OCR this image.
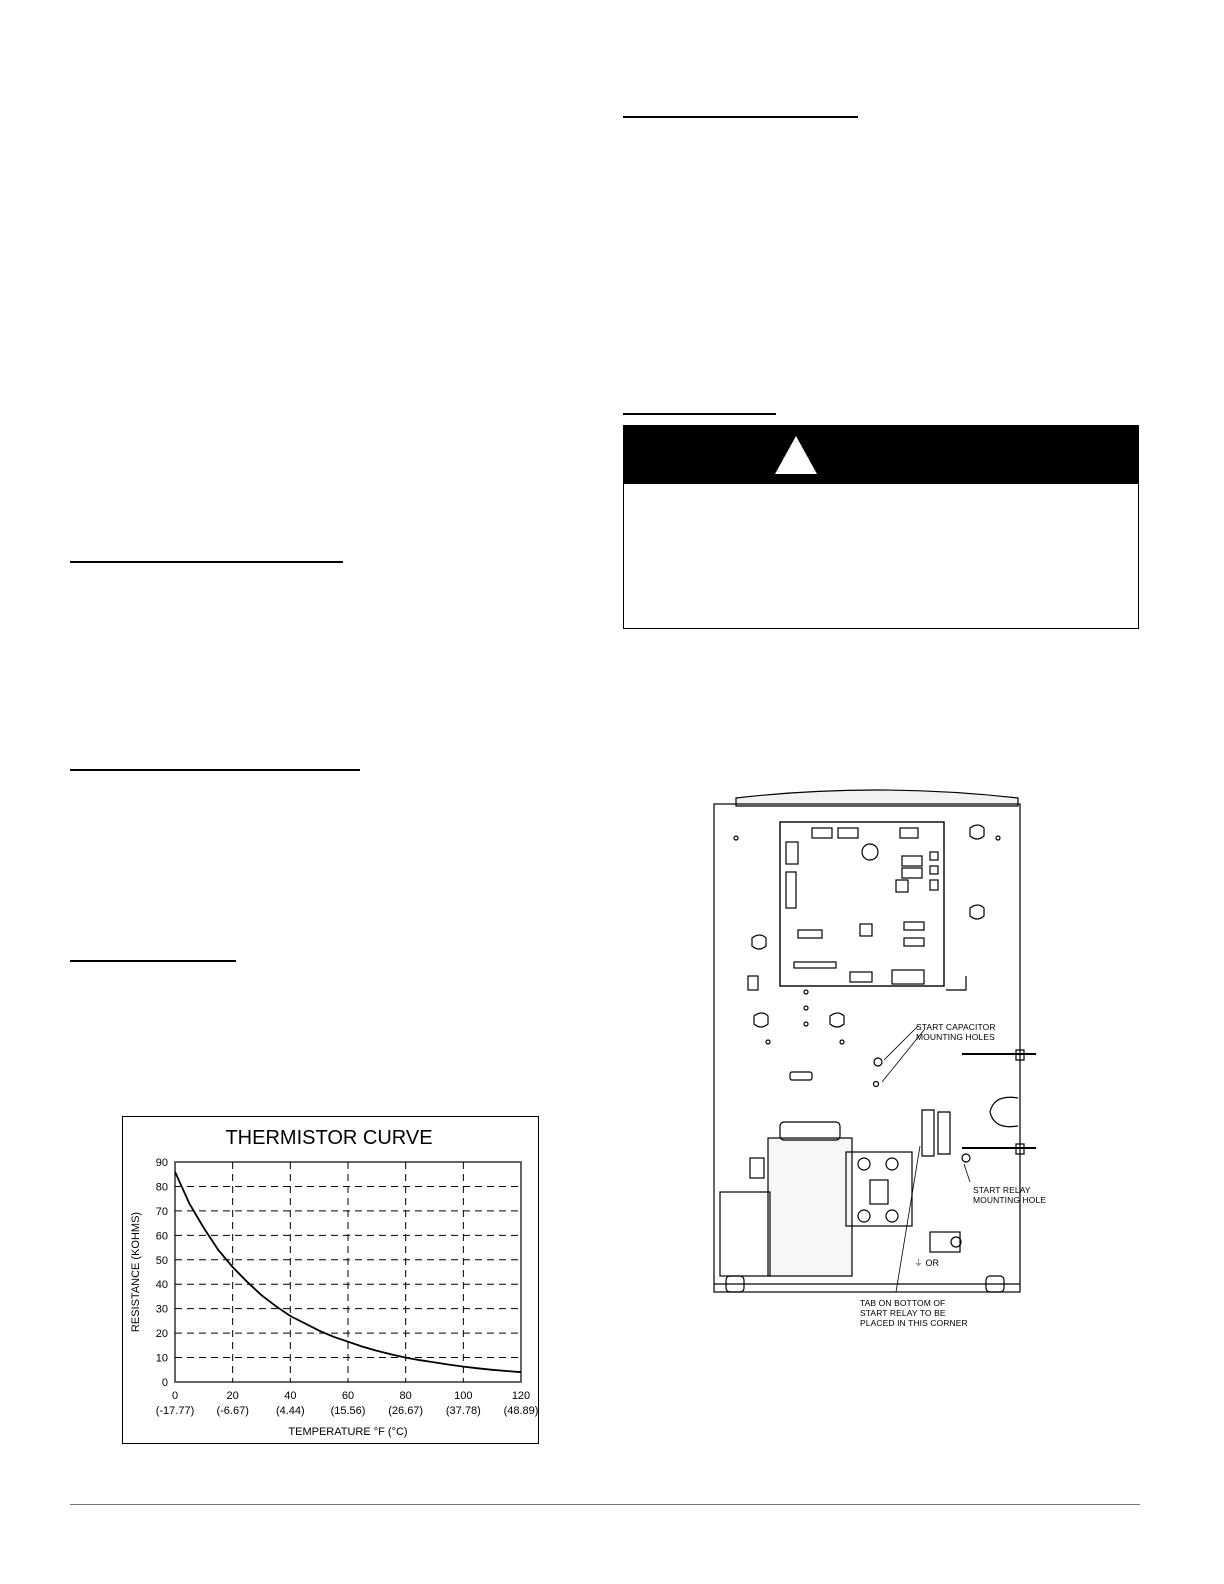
THERMISTOR CURVE
0
10
20
30
40
50
60
70
80
90
0
(-17.77)
20
(-6.67)
40
(4.44)
60
(15.56)
80
(26.67)
100
(37.78)
120
(48.89)
RESISTANCE (KOHMS)
TEMPERATURE °F (°C)
⏚ OR
START CAPACITOR
MOUNTING HOLES
START RELAY
MOUNTING HOLE
TAB ON BOTTOM OF
START RELAY TO BE
PLACED IN THIS CORNER
